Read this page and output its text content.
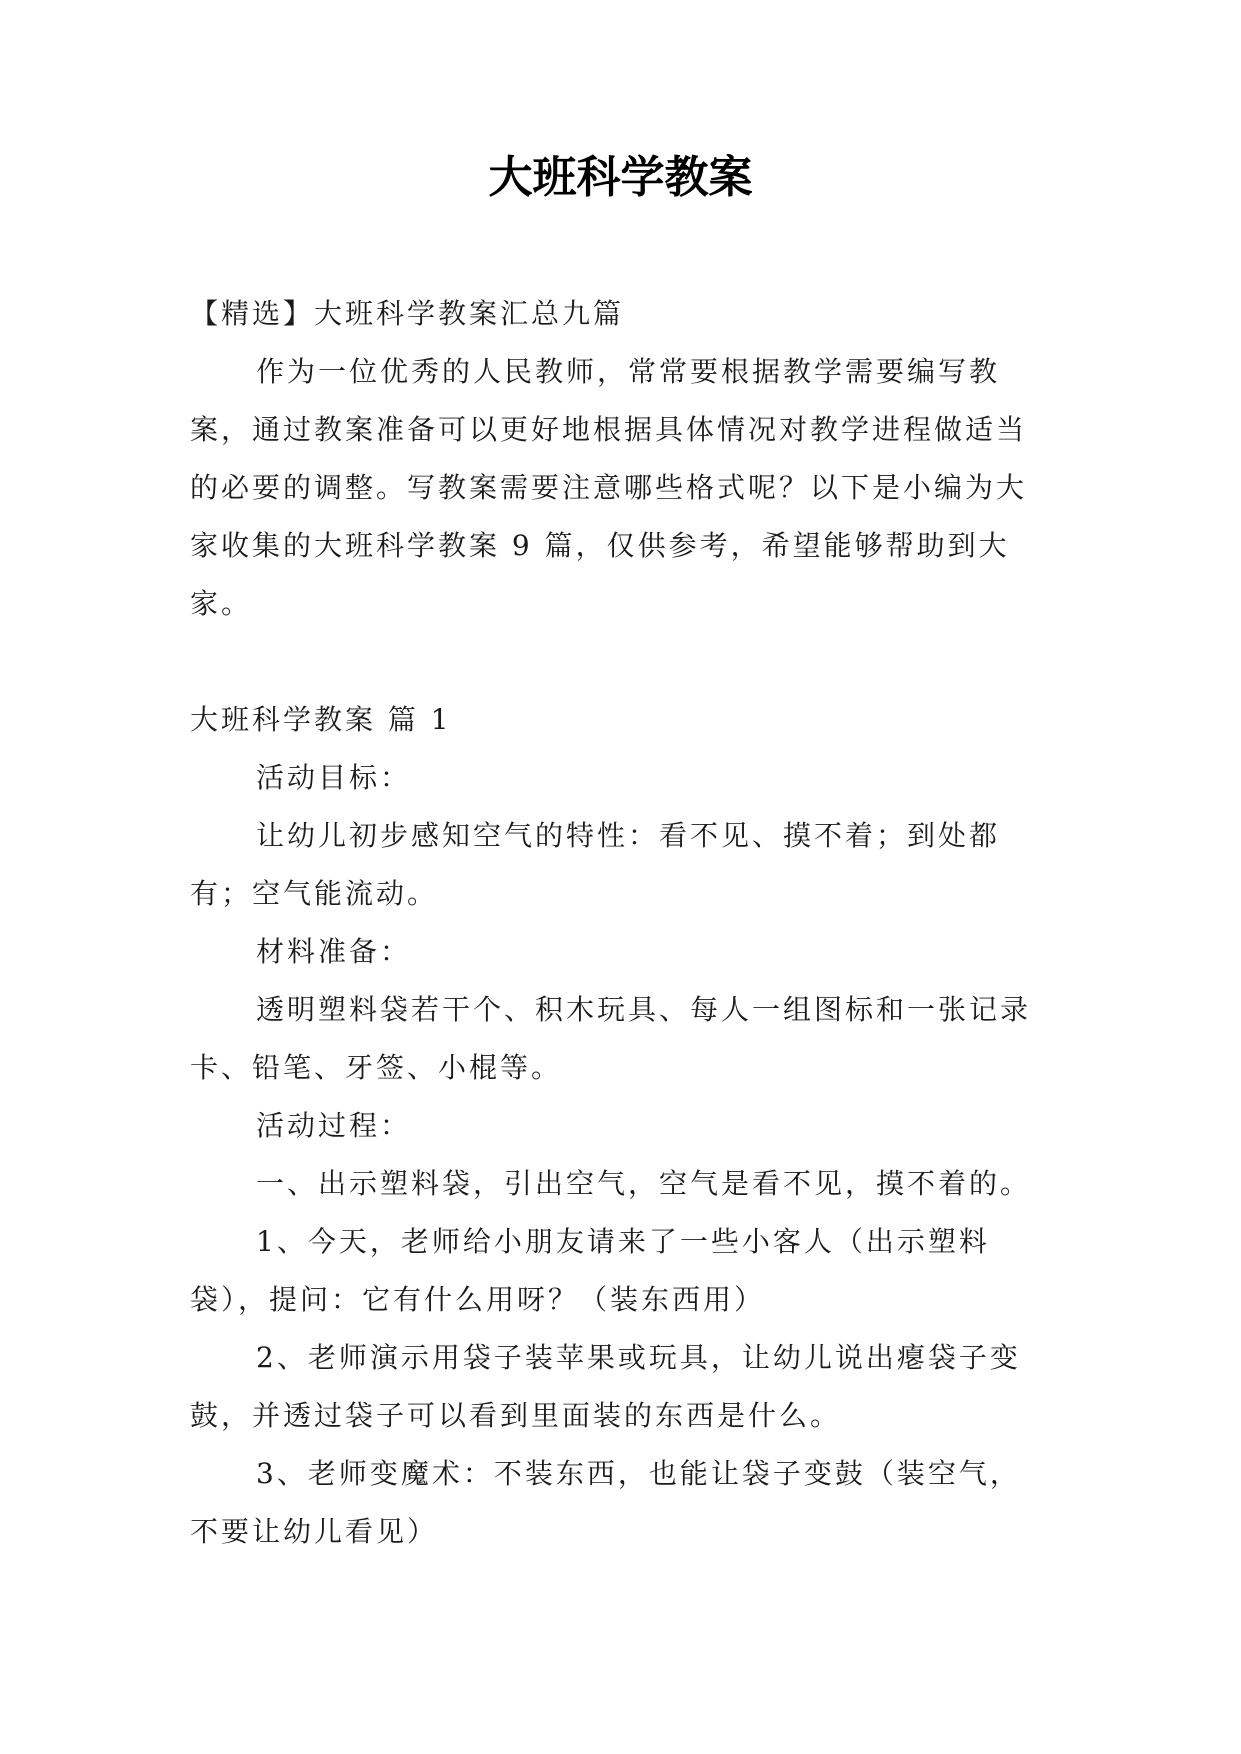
大班科学教案

【精选】大班科学教案汇总九篇

作为一位优秀的人民教师，常常要根据教学需要编写教案，通过教案准备可以更好地根据具体情况对教学进程做适当的必要的调整。写教案需要注意哪些格式呢？以下是小编为大家收集的大班科学教案 9 篇，仅供参考，希望能够帮助到大家。

大班科学教案 篇 1

活动目标：

让幼儿初步感知空气的特性：看不见、摸不着；到处都有；空气能流动。

材料准备：

透明塑料袋若干个、积木玩具、每人一组图标和一张记录卡、铅笔、牙签、小棍等。

活动过程：

一、出示塑料袋，引出空气，空气是看不见，摸不着的。

1、今天，老师给小朋友请来了一些小客人（出示塑料袋），提问：它有什么用呀？（装东西用）

2、老师演示用袋子装苹果或玩具，让幼儿说出瘪袋子变鼓，并透过袋子可以看到里面装的东西是什么。

3、老师变魔术：不装东西，也能让袋子变鼓（装空气，不要让幼儿看见）
